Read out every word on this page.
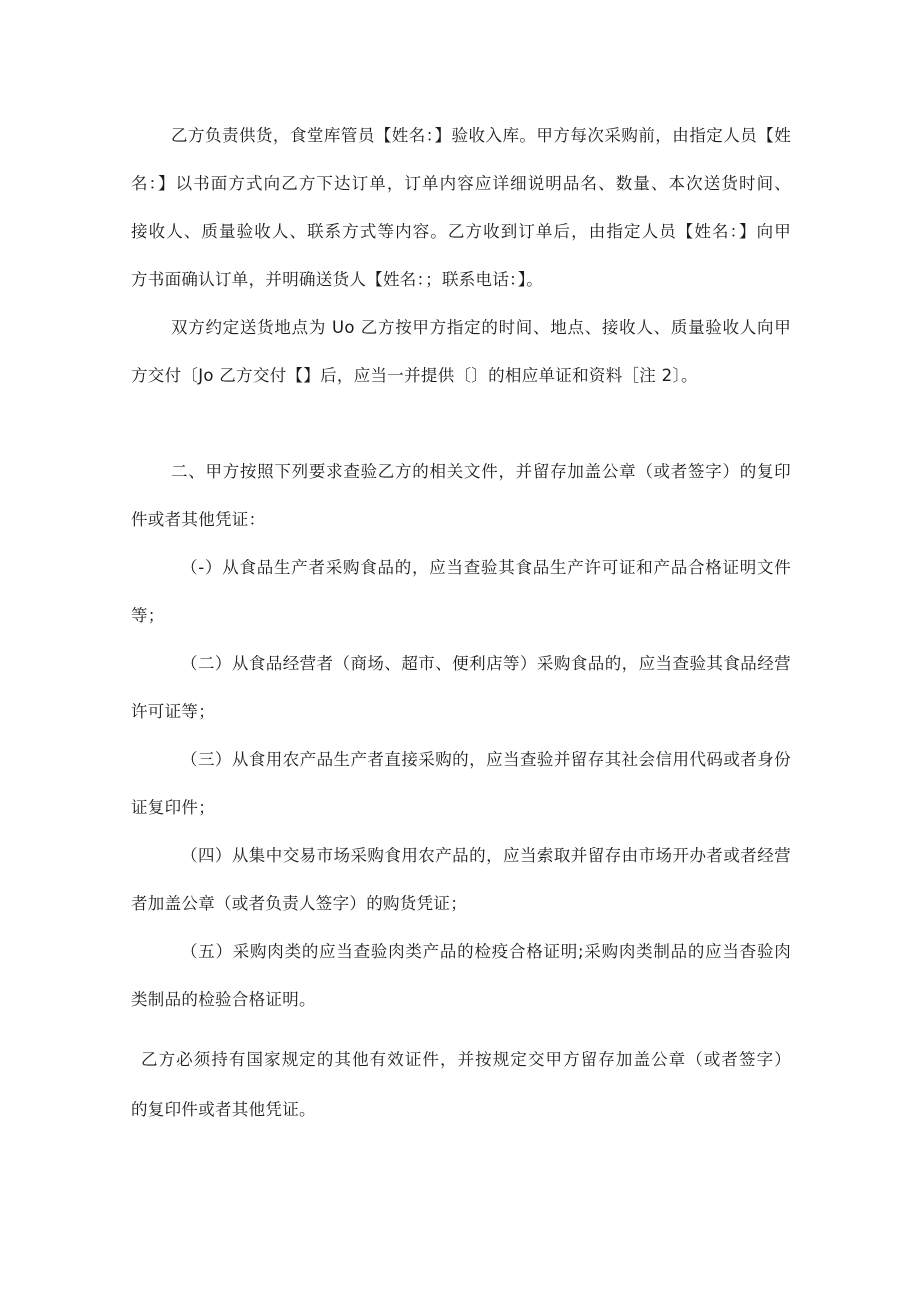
乙方负责供货，食堂库管员【姓名：】验收入库。甲方每次采购前，由指定人员【姓
名：】以书面方式向乙方下达订单，订单内容应详细说明品名、数量、本次送货时间、
接收人、质量验收人、联系方式等内容。乙方收到订单后，由指定人员【姓名：】向甲
方书面确认订单，并明确送货人【姓名：；联系电话：】。
双方约定送货地点为 Uo 乙方按甲方指定的时间、地点、接收人、质量验收人向甲
方交付〔Jo 乙方交付【】后，应当一并提供〔〕的相应单证和资料［注 2〕。
二、甲方按照下列要求查验乙方的相关文件，并留存加盖公章（或者签字）的复印
件或者其他凭证：
（-）从食品生产者采购食品的，应当查验其食品生产许可证和产品合格证明文件
等；
（二）从食品经营者（商场、超市、便利店等）采购食品的，应当查验其食品经营
许可证等；
（三）从食用农产品生产者直接采购的，应当查验并留存其社会信用代码或者身份
证复印件；
（四）从集中交易市场采购食用农产品的，应当索取并留存由市场开办者或者经营
者加盖公章（或者负责人签字）的购货凭证；
（五）采购肉类的应当查验肉类产品的检疫合格证明;采购肉类制品的应当杳验肉
类制品的检验合格证明。
乙方必须持有国家规定的其他有效证件，并按规定交甲方留存加盖公章（或者签字）
的复印件或者其他凭证。
